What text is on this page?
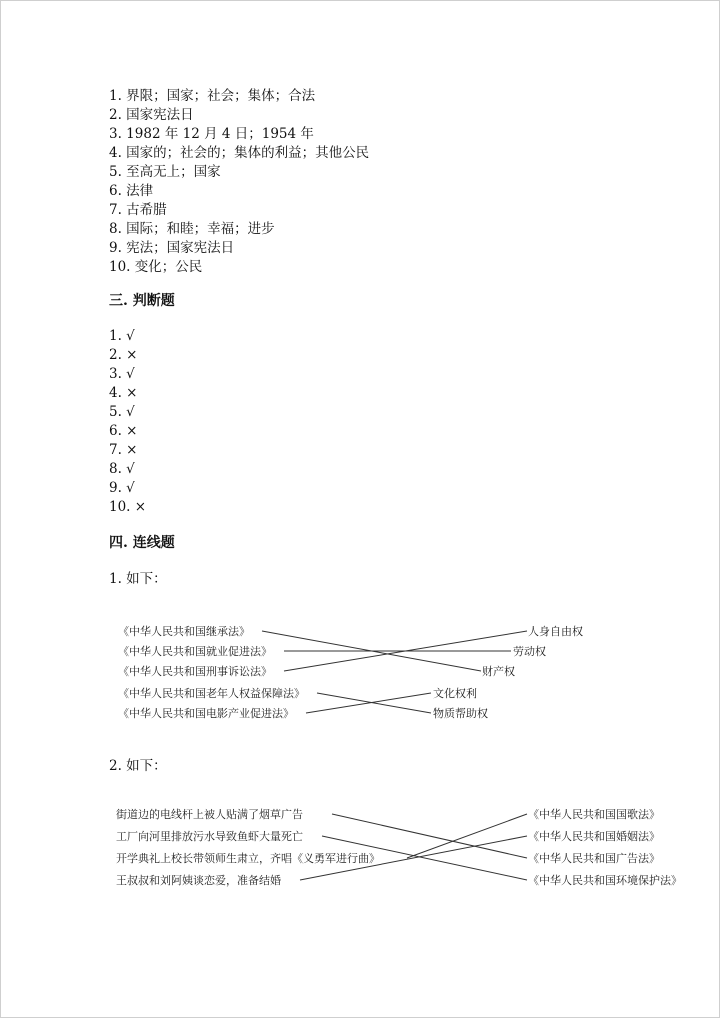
1. 界限；国家；社会；集体；合法
2. 国家宪法日
3. 1982 年 12 月 4 日；1954 年
4. 国家的；社会的；集体的利益；其他公民
5. 至高无上；国家
6. 法律
7. 古希腊
8. 国际；和睦；幸福；进步
9. 宪法；国家宪法日
10. 变化；公民
三. 判断题
1. √
2. ×
3. √
4. ×
5. √
6. ×
7. ×
8. √
9. √
10. ×
四. 连线题
1. 如下：
2. 如下：
《中华人民共和国继承法》
《中华人民共和国就业促进法》
《中华人民共和国刑事诉讼法》
《中华人民共和国老年人权益保障法》
《中华人民共和国电影产业促进法》
人身自由权
劳动权
财产权
文化权利
物质帮助权
街道边的电线杆上被人贴满了烟草广告
工厂向河里排放污水导致鱼虾大量死亡
开学典礼上校长带领师生肃立，齐唱《义勇军进行曲》
王叔叔和刘阿姨谈恋爱，准备结婚
《中华人民共和国国歌法》
《中华人民共和国婚姻法》
《中华人民共和国广告法》
《中华人民共和国环境保护法》
